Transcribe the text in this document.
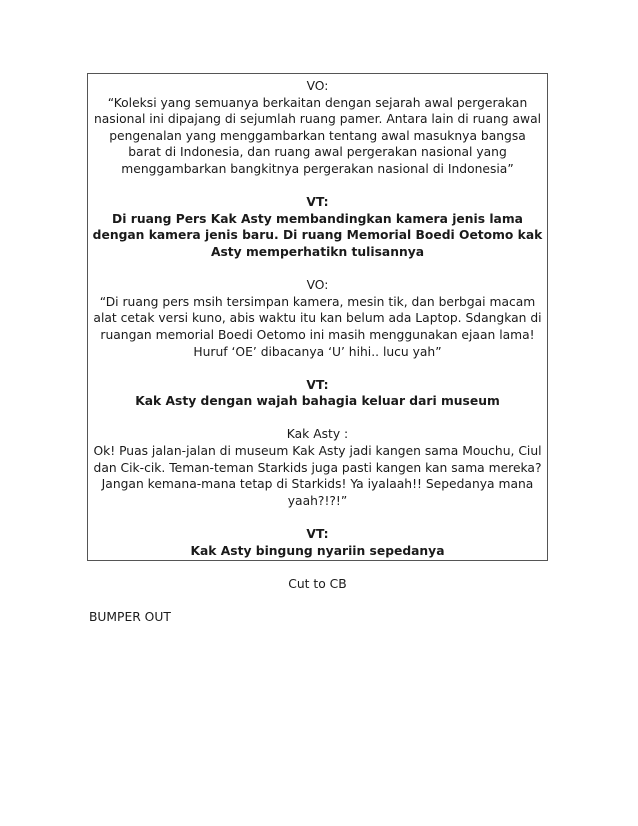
VO:
“Koleksi yang semuanya berkaitan dengan sejarah awal pergerakan nasional ini dipajang di sejumlah ruang pamer. Antara lain di ruang awal pengenalan yang menggambarkan tentang awal masuknya bangsa barat di Indonesia, dan ruang awal pergerakan nasional yang menggambarkan bangkitnya pergerakan nasional di Indonesia”
VT:
Di ruang Pers Kak Asty membandingkan kamera jenis lama dengan kamera jenis baru. Di ruang Memorial Boedi Oetomo kak Asty memperhatikn tulisannya
VO:
“Di ruang pers msih tersimpan kamera, mesin tik, dan berbgai macam alat cetak versi kuno, abis waktu itu kan belum ada Laptop. Sdangkan di ruangan memorial Boedi Oetomo ini masih menggunakan ejaan lama! Huruf ‘OE’ dibacanya ‘U’ hihi.. lucu yah”
VT:
Kak Asty dengan wajah bahagia keluar dari museum
Kak Asty :
Ok! Puas jalan-jalan di museum Kak Asty jadi kangen sama Mouchu, Ciul dan Cik-cik. Teman-teman Starkids juga pasti kangen kan sama mereka? Jangan kemana-mana tetap di Starkids! Ya iyalaah!! Sepedanya mana yaah?!?!”
VT:
Kak Asty bingung nyariin sepedanya
Cut to CB
BUMPER OUT
